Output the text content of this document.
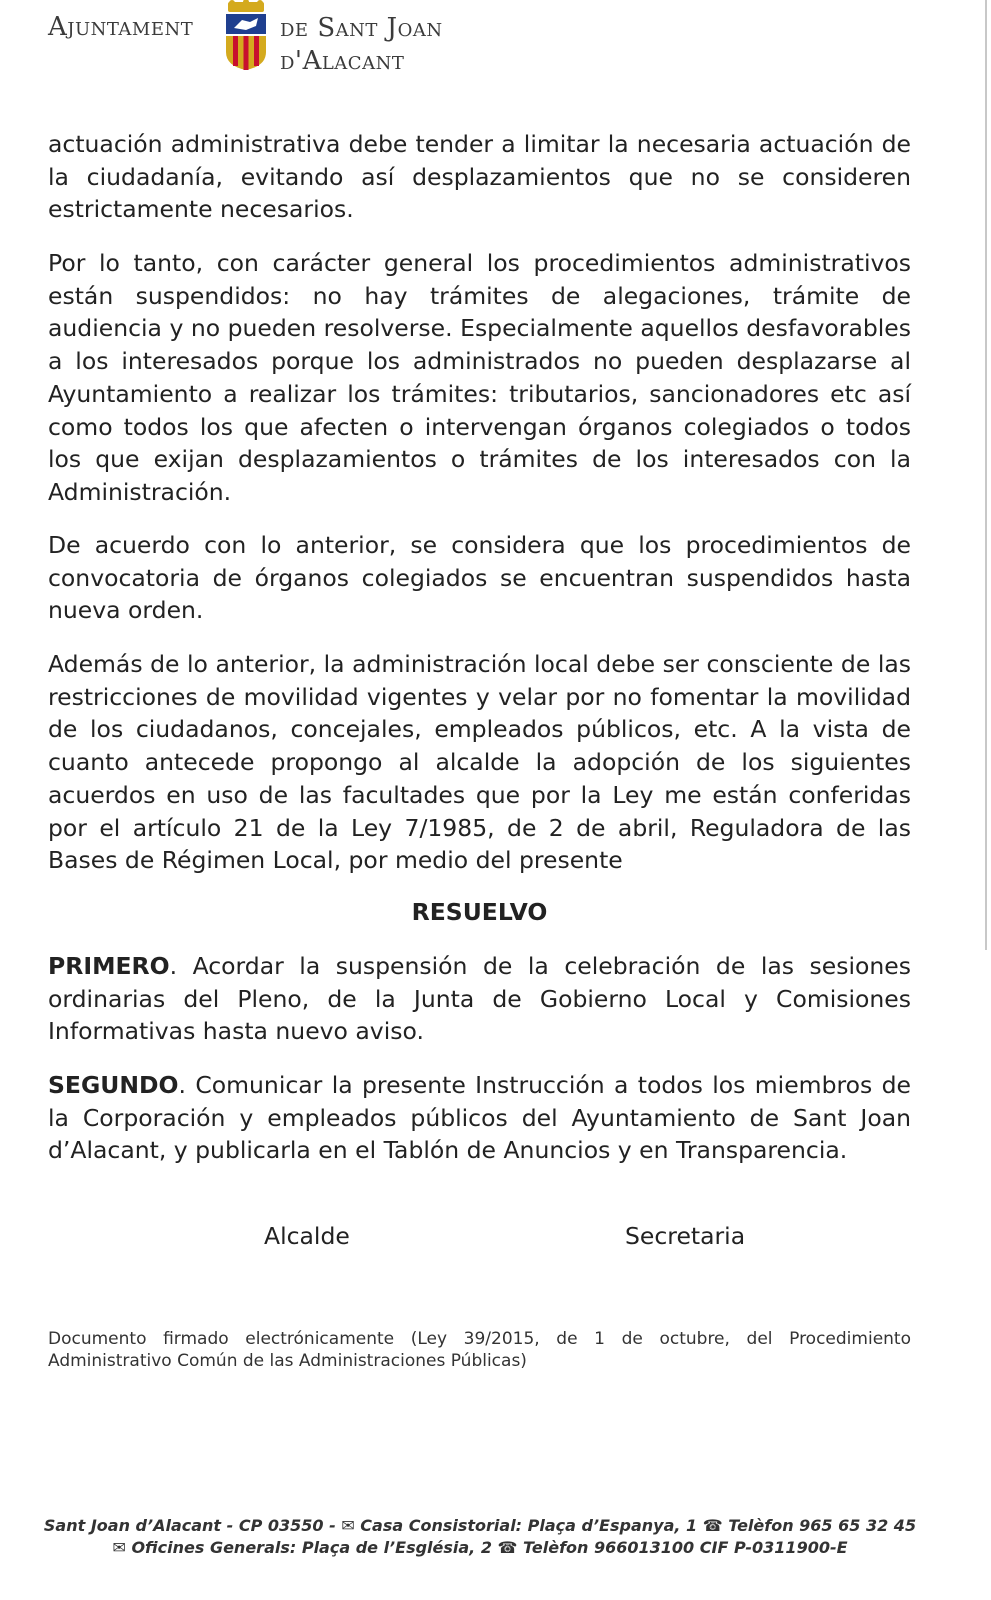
Ajuntament	de Sant Joan
d'Alacant
actuación administrativa debe tender a limitar la necesaria actuación de la ciudadanía, evitando así desplazamientos que no se consideren estrictamente necesarios.
Por lo tanto, con carácter general los procedimientos administrativos están suspendidos: no hay trámites de alegaciones, trámite de audiencia y no pueden resolverse. Especialmente aquellos desfavorables a los interesados porque los administrados no pueden desplazarse al Ayuntamiento a realizar los trámites: tributarios, sancionadores etc así como todos los que afecten o intervengan órganos colegiados o todos los que exijan desplazamientos o trámites de los interesados con la Administración.
De acuerdo con lo anterior, se considera que los procedimientos de convocatoria de órganos colegiados se encuentran suspendidos hasta nueva orden.
Además de lo anterior, la administración local debe ser consciente de las restricciones de movilidad vigentes y velar por no fomentar la movilidad de los ciudadanos, concejales, empleados públicos, etc. A la vista de cuanto antecede propongo al alcalde la adopción de los siguientes acuerdos en uso de las facultades que por la Ley me están conferidas por el artículo 21 de la Ley 7/1985, de 2 de abril, Reguladora de las Bases de Régimen Local, por medio del presente
RESUELVO
PRIMERO. Acordar la suspensión de la celebración de las sesiones ordinarias del Pleno, de la Junta de Gobierno Local y Comisiones Informativas hasta nuevo aviso.
SEGUNDO. Comunicar la presente Instrucción a todos los miembros de la Corporación y empleados públicos del Ayuntamiento de Sant Joan d’Alacant, y publicarla en el Tablón de Anuncios y en Transparencia.
Alcalde	Secretaria
Documento firmado electrónicamente (Ley 39/2015, de 1 de octubre, del Procedimiento Administrativo Común de las Administraciones Públicas)
Sant Joan d’Alacant - CP 03550 - ✉ Casa Consistorial: Plaça d’Espanya, 1 ☎ Telèfon 965 65 32 45
✉ Oficines Generals: Plaça de l’Església, 2 ☎ Telèfon 966013100 CIF P-0311900-E
